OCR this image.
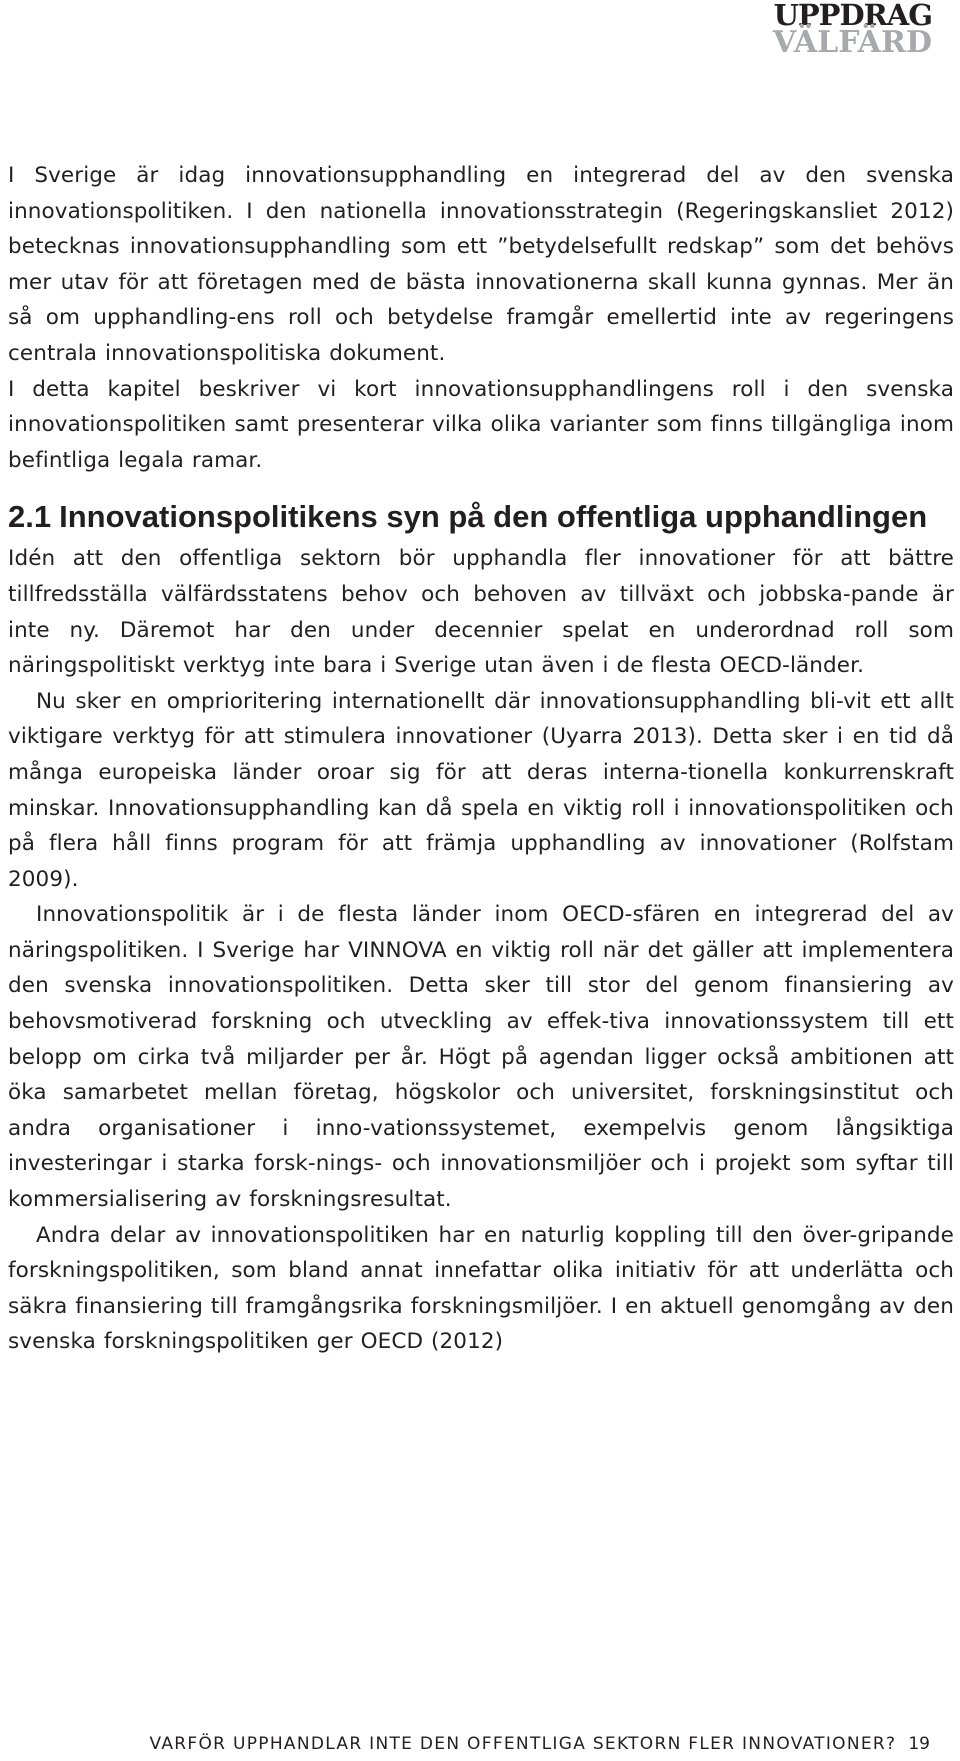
UPPDRAG
VÄLFÄRD

I Sverige är idag innovationsupphandling en integrerad del av den svenska innovationspolitiken. I den nationella innovationsstrategin (Regeringskansliet 2012) betecknas innovationsupphandling som ett ”betydelsefullt redskap” som det behövs mer utav för att företagen med de bästa innovationerna skall kunna gynnas. Mer än så om upphandling-ens roll och betydelse framgår emellertid inte av regeringens centrala innovationspolitiska dokument.

I detta kapitel beskriver vi kort innovationsupphandlingens roll i den svenska innovationspolitiken samt presenterar vilka olika varianter som finns tillgängliga inom befintliga legala ramar.

2.1 Innovationspolitikens syn på den offentliga upphandlingen

Idén att den offentliga sektorn bör upphandla fler innovationer för att bättre tillfredsställa välfärdsstatens behov och behoven av tillväxt och jobbska-pande är inte ny. Däremot har den under decennier spelat en underordnad roll som näringspolitiskt verktyg inte bara i Sverige utan även i de flesta OECD-länder.

Nu sker en omprioritering internationellt där innovationsupphandling bli-vit ett allt viktigare verktyg för att stimulera innovationer (Uyarra 2013). Detta sker i en tid då många europeiska länder oroar sig för att deras interna-tionella konkurrenskraft minskar. Innovationsupphandling kan då spela en viktig roll i innovationspolitiken och på flera håll finns program för att främja upphandling av innovationer (Rolfstam 2009).

Innovationspolitik är i de flesta länder inom OECD-sfären en integrerad del av näringspolitiken. I Sverige har VINNOVA en viktig roll när det gäller att implementera den svenska innovationspolitiken. Detta sker till stor del genom finansiering av behovsmotiverad forskning och utveckling av effek-tiva innovationssystem till ett belopp om cirka två miljarder per år. Högt på agendan ligger också ambitionen att öka samarbetet mellan företag, högskolor och universitet, forskningsinstitut och andra organisationer i inno-vationssystemet, exempelvis genom långsiktiga investeringar i starka forsk-nings- och innovationsmiljöer och i projekt som syftar till kommersialisering av forskningsresultat.

Andra delar av innovationspolitiken har en naturlig koppling till den över-gripande forskningspolitiken, som bland annat innefattar olika initiativ för att underlätta och säkra finansiering till framgångsrika forskningsmiljöer. I en aktuell genomgång av den svenska forskningspolitiken ger OECD (2012)

VARFÖR UPPHANDLAR INTE DEN OFFENTLIGA SEKTORN FLER INNOVATIONER? 19
